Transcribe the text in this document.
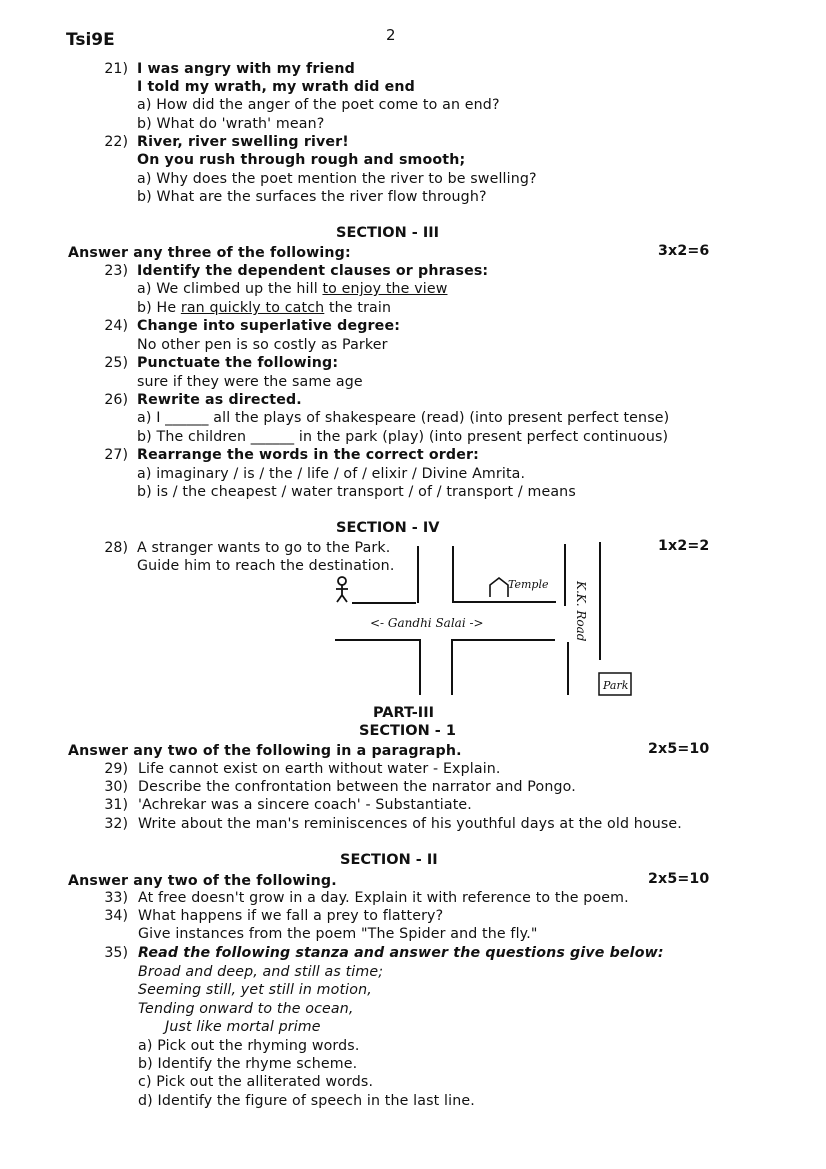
Tsi9E	2
21) I was angry with my friend
I told my wrath, my wrath did end
a) How did the anger of the poet come to an end?
b) What do 'wrath' mean?
22) River, river swelling river!
On you rush through rough and smooth;
a) Why does the poet mention the river to be swelling?
b) What are the surfaces the river flow through?
SECTION - III
Answer any three of the following:	3x2=6
23) Identify the dependent clauses or phrases:
a) We climbed up the hill to enjoy the view
b) He ran quickly to catch the train
24) Change into superlative degree:
No other pen is so costly as Parker
25) Punctuate the following:
sure if they were the same age
26) Rewrite as directed.
a) I ______ all the plays of shakespeare (read) (into present perfect tense)
b) The children ______ in the park (play) (into present perfect continuous)
27) Rearrange the words in the correct order:
a) imaginary / is / the / life / of / elixir / Divine Amrita.
b) is / the cheapest / water transport / of / transport / means
SECTION - IV
1x2=2
28) A stranger wants to go to the Park.
Guide him to reach the destination.
Temple
<- Gandhi Salai ->	K.K. Road
Park
PART-III
SECTION - 1
Answer any two of the following in a paragraph.	2x5=10
29) Life cannot exist on earth without water - Explain.
30) Describe the confrontation between the narrator and Pongo.
31) 'Achrekar was a sincere coach' - Substantiate.
32) Write about the man's reminiscences of his youthful days at the old house.
SECTION - II
Answer any two of the following.	2x5=10
33) At free doesn't grow in a day. Explain it with reference to the poem.
34) What happens if we fall a prey to flattery?
Give instances from the poem "The Spider and the fly."
35) Read the following stanza and answer the questions give below:
Broad and deep, and still as time;
Seeming still, yet still in motion,
Tending onward to the ocean,
Just like mortal prime
a) Pick out the rhyming words.
b) Identify the rhyme scheme.
c) Pick out the alliterated words.
d) Identify the figure of speech in the last line.
